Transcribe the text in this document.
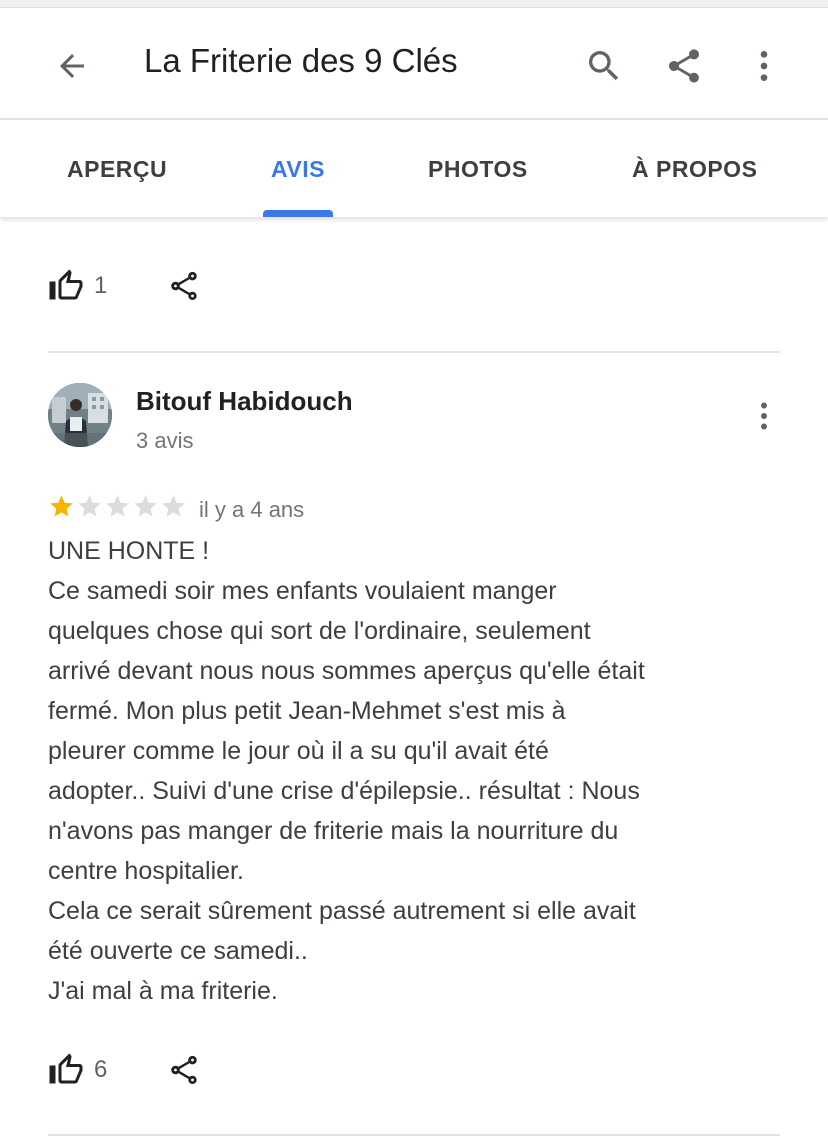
La Friterie des 9 Clés
APERÇU	AVIS	PHOTOS	À PROPOS
1
Bitouf Habidouch
3 avis
il y a 4 ans
UNE HONTE !
Ce samedi soir mes enfants voulaient manger
quelques chose qui sort de l'ordinaire, seulement
arrivé devant nous nous sommes aperçus qu'elle était
fermé. Mon plus petit Jean-Mehmet s'est mis à
pleurer comme le jour où il a su qu'il avait été
adopter.. Suivi d'une crise d'épilepsie.. résultat : Nous
n'avons pas manger de friterie mais la nourriture du
centre hospitalier.
Cela ce serait sûrement passé autrement si elle avait
été ouverte ce samedi..
J'ai mal à ma friterie.
6
